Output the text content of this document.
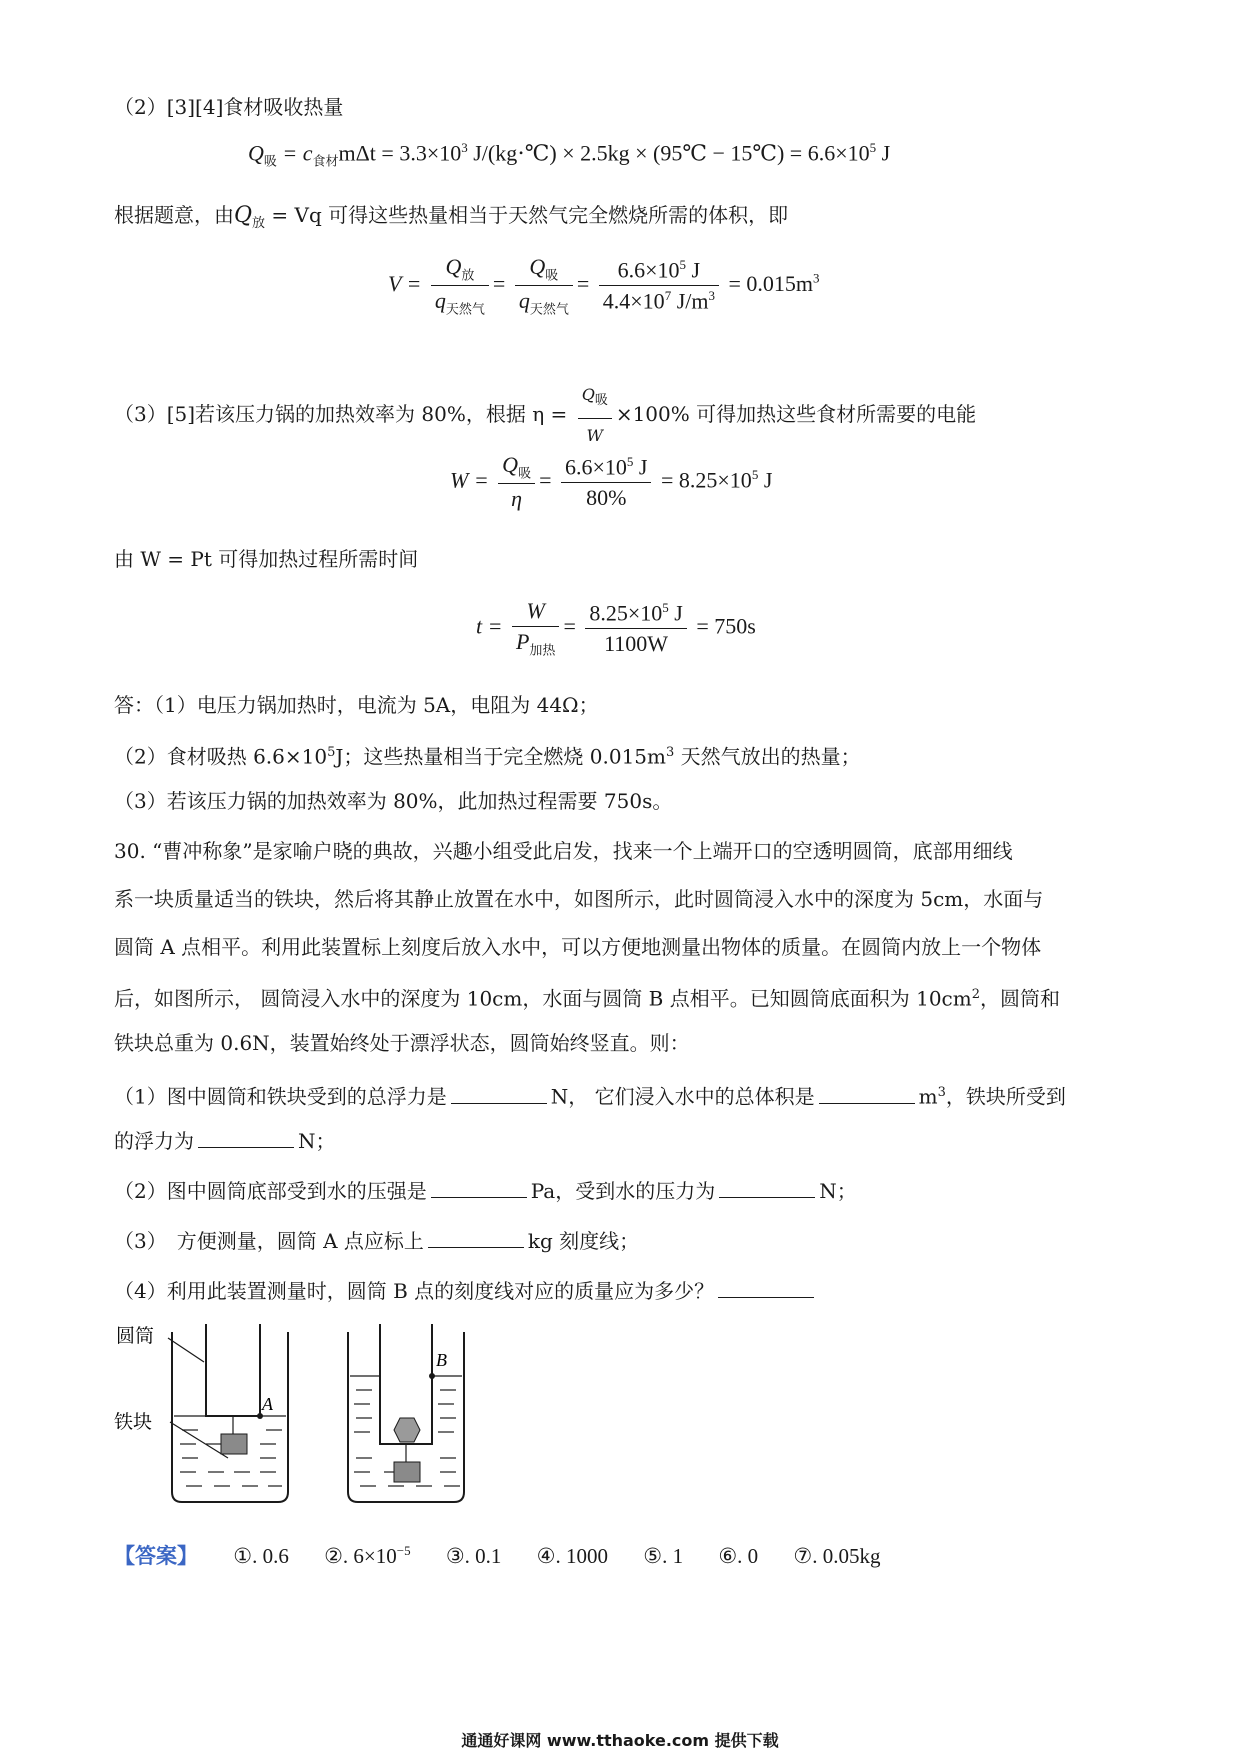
（2）[3][4]食材吸收热量
$Q_吸 = c_{食材}m\Delta t = 3.3\times 10^3$ J/(kg⋅℃) × 2.5kg × (95℃ − 15℃) = $6.6\times 10^5$ J
根据题意，由$Q_放 = Vq$ 可得这些热量相当于天然气完全燃烧所需的体积，即
$V = \frac{Q_放}{q_{天然气}} = \frac{Q_吸}{q_{天然气}} = \frac{6.6\times 10^5 J}{4.4\times 10^7 J/m^3} = 0.015m^3$
（3）[5]若该压力锅的加热效率为 80%，根据 $\eta = \frac{Q_吸}{W} \times 100\%$ 可得加热这些食材所需要的电能
$W = \frac{Q_吸}{\eta} = \frac{6.6\times 10^5 J}{80\%} = 8.25\times 10^5$ J
由 W = Pt 可得加热过程所需时间
$t = \frac{W}{P_{加热}} = \frac{8.25\times 10^5 J}{1100W} = 750s$
答：（1）电压力锅加热时，电流为 5A，电阻为 44Ω；
（2）食材吸热 $6.6\times 10^5J$；这些热量相当于完全燃烧 $0.015m^3$ 天然气放出的热量；
（3）若该压力锅的加热效率为 80%，此加热过程需要 750s。
30. “曹冲称象”是家喻户晓的典故，兴趣小组受此启发，找来一个上端开口的空透明圆筒，底部用细线
系一块质量适当的铁块，然后将其静止放置在水中，如图所示，此时圆筒浸入水中的深度为 5cm，水面与
圆筒 A 点相平。利用此装置标上刻度后放入水中，可以方便地测量出物体的质量。在圆筒内放上一个物体
后，如图所示， 圆筒浸入水中的深度为 10cm，水面与圆筒 B 点相平。已知圆筒底面积为 $10cm^2$，圆筒和
铁块总重为 0.6N，装置始终处于漂浮状态，圆筒始终竖直。则：
（1）图中圆筒和铁块受到的总浮力是	N， 它们浸入水中的总体积是	$m^3$，铁块所受到
的浮力为	N；
（2）图中圆筒底部受到水的压强是	Pa，受到水的压力为	N；
（3）　方便测量，圆筒 A 点应标上	kg 刻度线；
（4）利用此装置测量时，圆筒 B 点的刻度线对应的质量应为多少？
A
B
圆筒
铁块
【答案】 ①. 0.6 ②. $6\times 10^{-5}$ ③. 0.1 ④. 1000 ⑤. 1 ⑥. 0 ⑦. 0.05kg
通通好课网 www.tthaoke.com 提供下载
